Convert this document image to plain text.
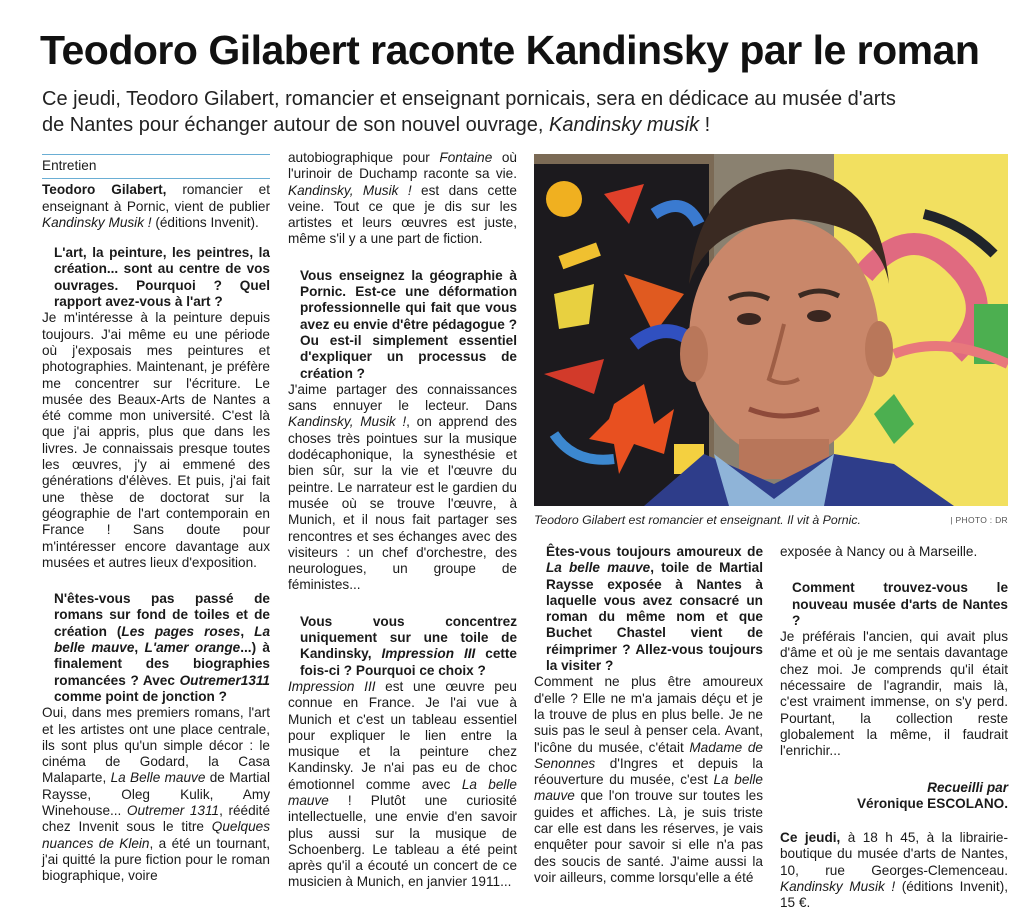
Teodoro Gilabert raconte Kandinsky par le roman
Ce jeudi, Teodoro Gilabert, romancier et enseignant pornicais, sera en dédicace au musée d'arts
de Nantes pour échanger autour de son nouvel ouvrage, Kandinsky musik !
Entretien

Teodoro Gilabert, romancier et enseignant à Pornic, vient de publier Kandinsky Musik ! (éditions Invenit).

L'art, la peinture, les peintres, la création... sont au centre de vos ouvrages. Pourquoi ? Quel rapport avez-vous à l'art ?

Je m'intéresse à la peinture depuis toujours. J'ai même eu une période où j'exposais mes peintures et photographies. Maintenant, je préfère me concentrer sur l'écriture. Le musée des Beaux-Arts de Nantes a été comme mon université. C'est là que j'ai appris, plus que dans les livres. Je connaissais presque toutes les œuvres, j'y ai emmené des générations d'élèves. Et puis, j'ai fait une thèse de doctorat sur la géographie de l'art contemporain en France ! Sans doute pour m'intéresser encore davantage aux musées et autres lieux d'exposition.

N'êtes-vous pas passé de romans sur fond de toiles et de création (Les pages roses, La belle mauve, L'amer orange...) à finalement des biographies romancées ? Avec Outremer1311 comme point de jonction ?

Oui, dans mes premiers romans, l'art et les artistes ont une place centrale, ils sont plus qu'un simple décor : le cinéma de Godard, la Casa Malaparte, La Belle mauve de Martial Raysse, Oleg Kulik, Amy Winehouse... Outremer 1311, réédité chez Invenit sous le titre Quelques nuances de Klein, a été un tournant, j'ai quitté la pure fiction pour le roman biographique, voire

autobiographique pour Fontaine où l'urinoir de Duchamp raconte sa vie. Kandinsky, Musik ! est dans cette veine. Tout ce que je dis sur les artistes et leurs œuvres est juste, même s'il y a une part de fiction.

Vous enseignez la géographie à Pornic. Est-ce une déformation professionnelle qui fait que vous avez eu envie d'être pédagogue ? Ou est-il simplement essentiel d'expliquer un processus de création ?

J'aime partager des connaissances sans ennuyer le lecteur. Dans Kandinsky, Musik !, on apprend des choses très pointues sur la musique dodécaphonique, la synesthésie et bien sûr, sur la vie et l'œuvre du peintre. Le narrateur est le gardien du musée où se trouve l'œuvre, à Munich, et il nous fait partager ses rencontres et ses échanges avec des visiteurs : un chef d'orchestre, des neurologues, un groupe de féministes...

Vous vous concentrez uniquement sur une toile de Kandinsky, Impression III cette fois-ci ? Pourquoi ce choix ?

Impression III est une œuvre peu connue en France. Je l'ai vue à Munich et c'est un tableau essentiel pour expliquer le lien entre la musique et la peinture chez Kandinsky. Je n'ai pas eu de choc émotionnel comme avec La belle mauve ! Plutôt une curiosité intellectuelle, une envie d'en savoir plus aussi sur la musique de Schoenberg. Le tableau a été peint après qu'il a écouté un concert de ce musicien à Munich, en janvier 1911...

Teodoro Gilabert est romancier et enseignant. Il vit à Pornic.	| PHOTO : DR

Êtes-vous toujours amoureux de La belle mauve, toile de Martial Raysse exposée à Nantes à laquelle vous avez consacré un roman du même nom et que Buchet Chastel vient de réimprimer ? Allez-vous toujours la visiter ?

Comment ne plus être amoureux d'elle ? Elle ne m'a jamais déçu et je la trouve de plus en plus belle. Je ne suis pas le seul à penser cela. Avant, l'icône du musée, c'était Madame de Senonnes d'Ingres et depuis la réouverture du musée, c'est La belle mauve que l'on trouve sur toutes les guides et affiches. Là, je suis triste car elle est dans les réserves, je vais enquêter pour savoir si elle n'a pas des soucis de santé. J'aime aussi la voir ailleurs, comme lorsqu'elle a été

exposée à Nancy ou à Marseille.

Comment trouvez-vous le nouveau musée d'arts de Nantes ?

Je préférais l'ancien, qui avait plus d'âme et où je me sentais davantage chez moi. Je comprends qu'il était nécessaire de l'agrandir, mais là, c'est vraiment immense, on s'y perd. Pourtant, la collection reste globalement la même, il faudrait l'enrichir...

Recueilli par
Véronique ESCOLANO.

Ce jeudi, à 18 h 45, à la librairie-boutique du musée d'arts de Nantes, 10, rue Georges-Clemenceau. Kandinsky Musik ! (éditions Invenit), 15 €.
